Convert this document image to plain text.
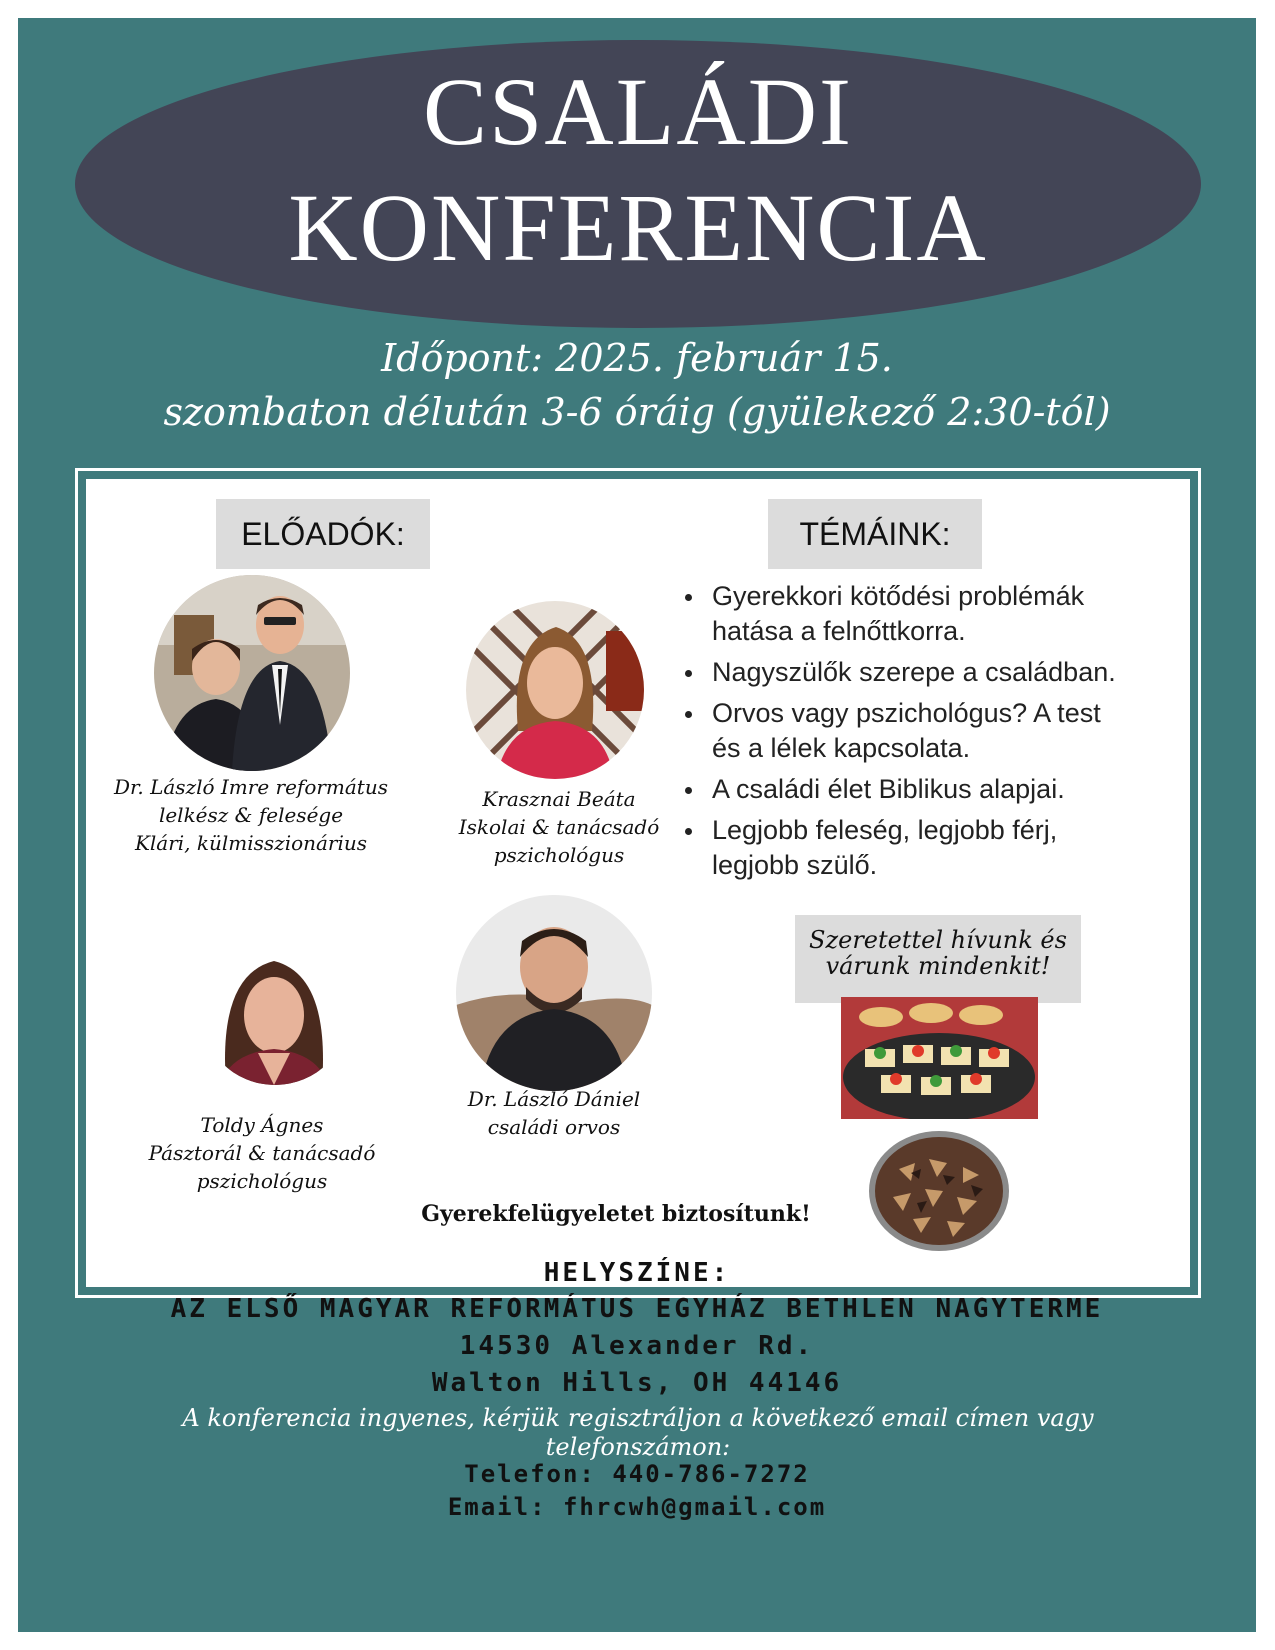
CSALÁDI
KONFERENCIA
Időpont: 2025. február 15.
szombaton délután 3-6 óráig (gyülekező 2:30-tól)
ELŐADÓK:	TÉMÁINK:
Dr. László Imre református
lelkész & felesége
Klári, külmisszionárius
Krasznai Beáta
Iskolai & tanácsadó
pszichológus
Toldy Ágnes
Pásztorál & tanácsadó
pszichológus
Dr. László Dániel
családi orvos
Gyerekkori kötődési problémák hatása a felnőttkorra.
Nagyszülők szerepe a családban.
Orvos vagy pszichológus? A test és a lélek kapcsolata.
A családi élet Biblikus alapjai.
Legjobb feleség, legjobb férj, legjobb szülő.
Szeretettel hívunk és
várunk mindenkit!
Gyerekfelügyeletet biztosítunk!
HELYSZÍNE:
AZ ELSŐ MAGYAR REFORMÁTUS EGYHÁZ BETHLEN NAGYTERME
14530 Alexander Rd.
Walton Hills, OH 44146
A konferencia ingyenes, kérjük regisztráljon a következő email címen vagy
telefonszámon:
Telefon: 440-786-7272
Email: fhrcwh@gmail.com
